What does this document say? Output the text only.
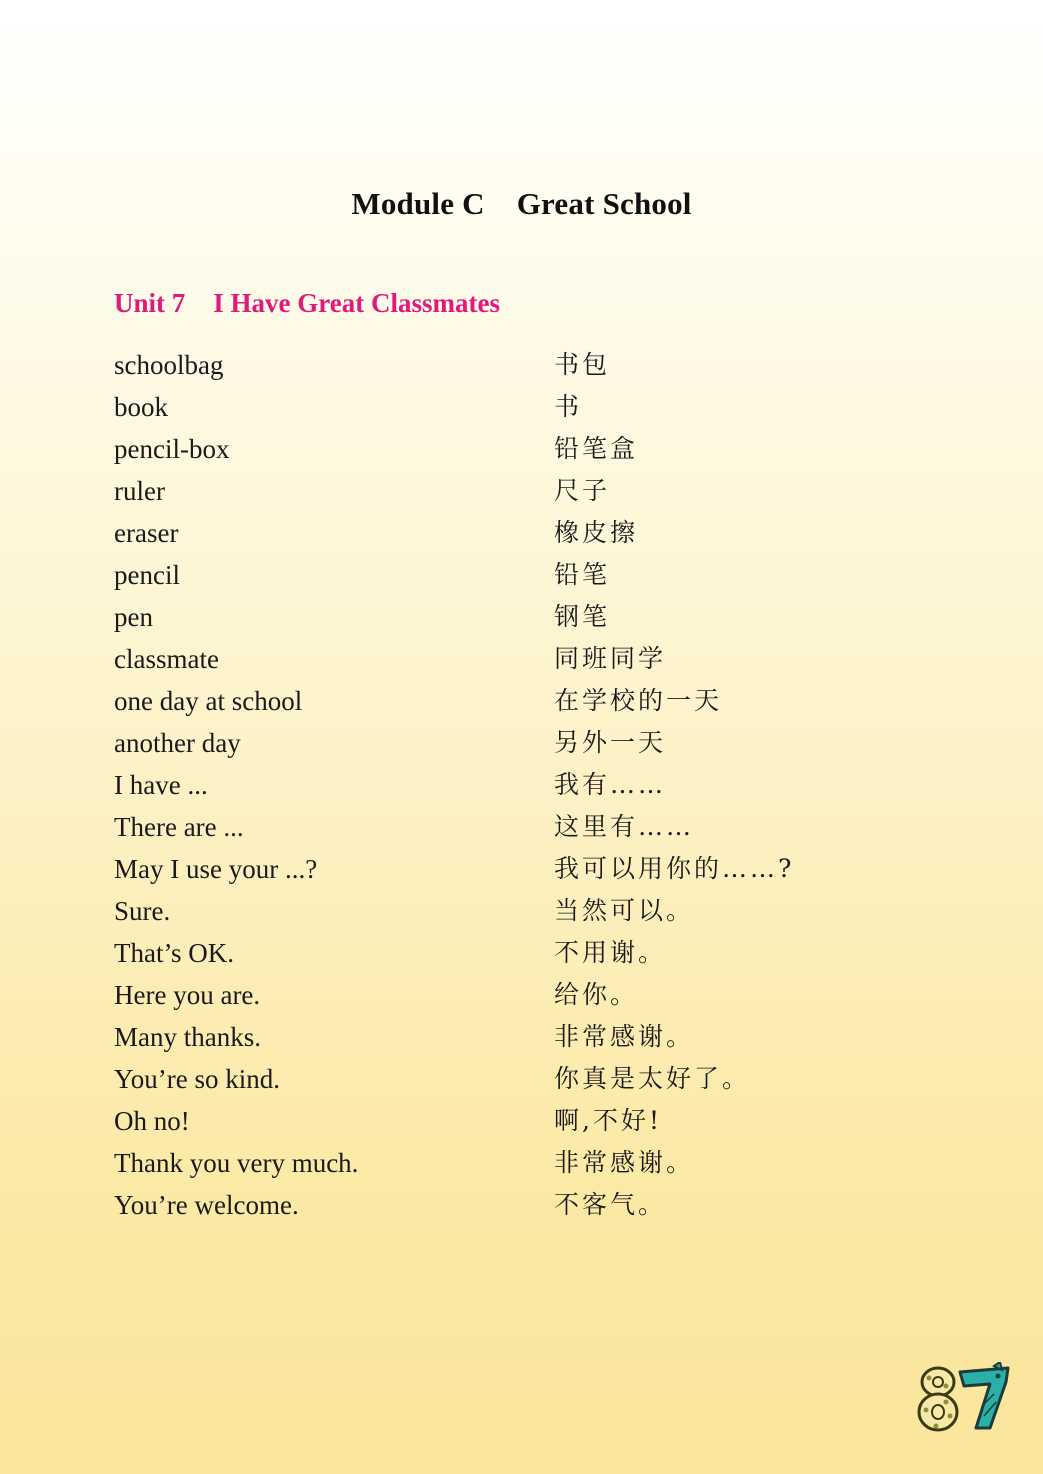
Module C Great School
Unit 7 I Have Great Classmates
schoolbag	书包
book	书
pencil-box	铅笔盒
ruler	尺子
eraser	橡皮擦
pencil	铅笔
pen	钢笔
classmate	同班同学
one day at school	在学校的一天
another day	另外一天
I have ...	我有……
There are ...	这里有……
May I use your ...?	我可以用你的……?
Sure.	当然可以。
That’s OK.	不用谢。
Here you are.	给你。
Many thanks.	非常感谢。
You’re so kind.	你真是太好了。
Oh no!	啊,不好!
Thank you very much.	非常感谢。
You’re welcome.	不客气。
